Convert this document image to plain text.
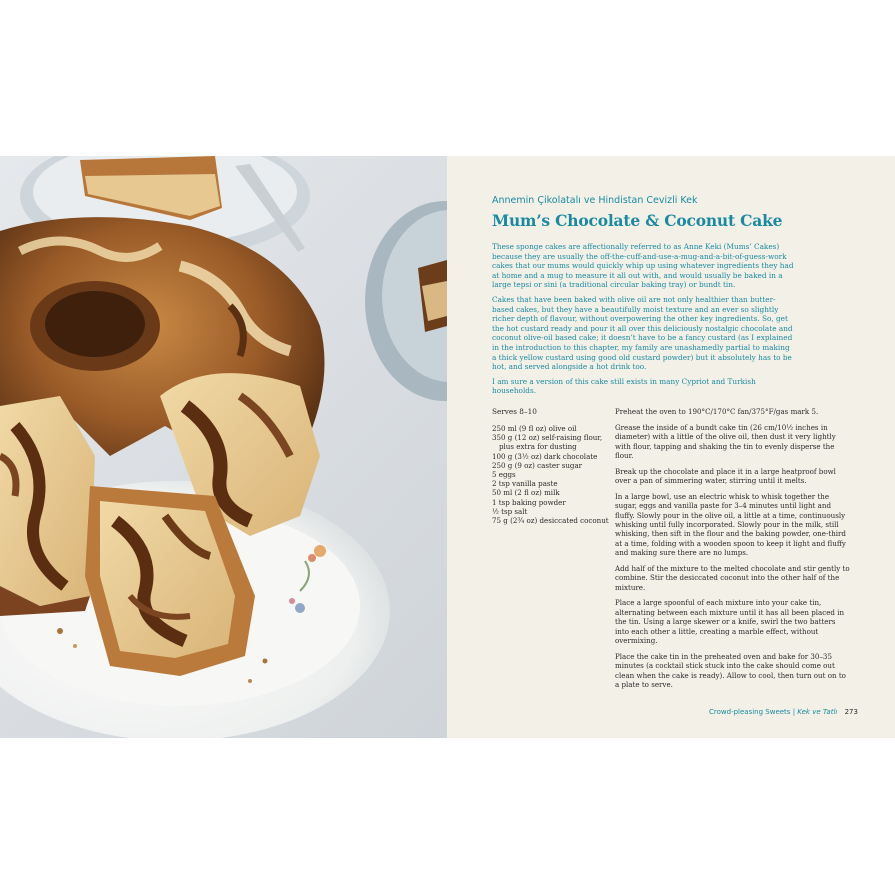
Annemin Çikolatalı ve Hindistan Cevizli Kek
Mum’s Chocolate & Coconut Cake

These sponge cakes are affectionally referred to as Anne Keki (Mums’ Cakes) because they are usually the off-the-cuff-and-use-a-mug-and-a-bit-of-guess-work cakes that our mums would quickly whip up using whatever ingredients they had at home and a mug to measure it all out with, and would usually be baked in a large tepsi or sini (a traditional circular baking tray) or bundt tin.

Cakes that have been baked with olive oil are not only healthier than butter-based cakes, but they have a beautifully moist texture and an ever so slightly richer depth of flavour, without overpowering the other key ingredients. So, get the hot custard ready and pour it all over this deliciously nostalgic chocolate and coconut olive-oil based cake; it doesn’t have to be a fancy custard (as I explained in the introduction to this chapter, my family are unashamedly partial to making a thick yellow custard using good old custard powder) but it absolutely has to be hot, and served alongside a hot drink too.

I am sure a version of this cake still exists in many Cypriot and Turkish households.

Serves 8–10
250 ml (9 fl oz) olive oil
350 g (12 oz) self-raising flour,
plus extra for dusting
100 g (3½ oz) dark chocolate
250 g (9 oz) caster sugar
5 eggs
2 tsp vanilla paste
50 ml (2 fl oz) milk
1 tsp baking powder
½ tsp salt
75 g (2¾ oz) desiccated coconut

Preheat the oven to 190°C/170°C fan/375°F/gas mark 5.

Grease the inside of a bundt cake tin (26 cm/10½ inches in diameter) with a little of the olive oil, then dust it very lightly with flour, tapping and shaking the tin to evenly disperse the flour.

Break up the chocolate and place it in a large heatproof bowl over a pan of simmering water, stirring until it melts.

In a large bowl, use an electric whisk to whisk together the sugar, eggs and vanilla paste for 3–4 minutes until light and fluffy. Slowly pour in the olive oil, a little at a time, continuously whisking until fully incorporated. Slowly pour in the milk, still whisking, then sift in the flour and the baking powder, one-third at a time, folding with a wooden spoon to keep it light and fluffy and making sure there are no lumps.

Add half of the mixture to the melted chocolate and stir gently to combine. Stir the desiccated coconut into the other half of the mixture.

Place a large spoonful of each mixture into your cake tin, alternating between each mixture until it has all been placed in the tin. Using a large skewer or a knife, swirl the two batters into each other a little, creating a marble effect, without overmixing.

Place the cake tin in the preheated oven and bake for 30–35 minutes (a cocktail stick stuck into the cake should come out clean when the cake is ready). Allow to cool, then turn out on to a plate to serve.

Crowd-pleasing Sweets | Kek ve Tatlı 273
